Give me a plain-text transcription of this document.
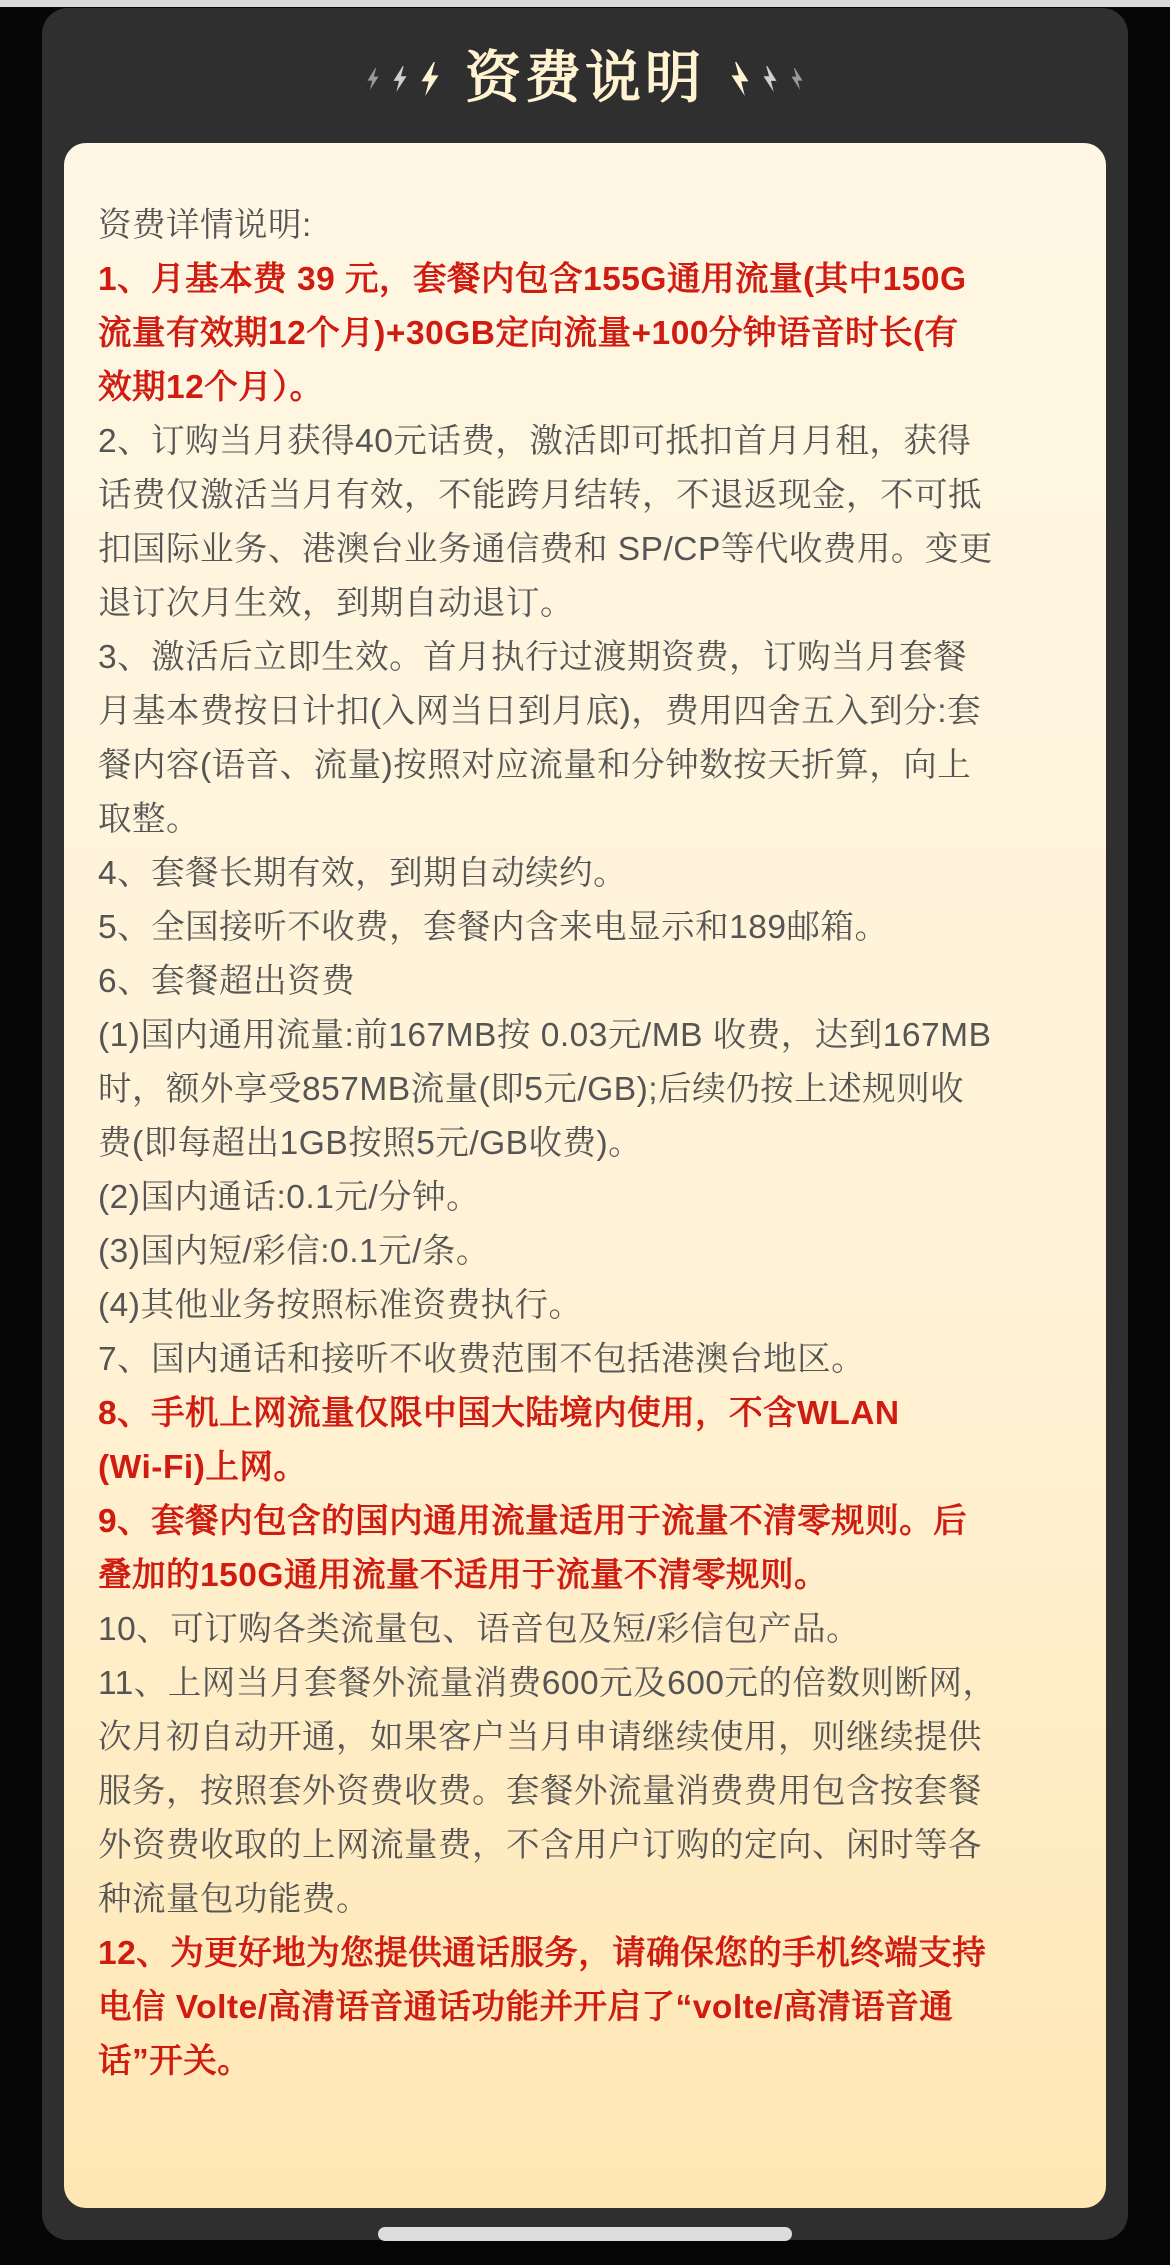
资费说明
资费详情说明:
1、月基本费 39 元，套餐内包含155G通用流量(其中150G
流量有效期12个月)+30GB定向流量+100分钟语音时长(有
效期12个月）。
2、订购当月获得40元话费，激活即可抵扣首月月租，获得
话费仅激活当月有效，不能跨月结转，不退返现金，不可抵
扣国际业务、港澳台业务通信费和 SP/CP等代收费用。变更
退订次月生效，到期自动退订。
3、激活后立即生效。首月执行过渡期资费，订购当月套餐
月基本费按日计扣(入网当日到月底)，费用四舍五入到分:套
餐内容(语音、流量)按照对应流量和分钟数按天折算，向上
取整。
4、套餐长期有效，到期自动续约。
5、全国接听不收费，套餐内含来电显示和189邮箱。
6、套餐超出资费
(1)国内通用流量:前167MB按 0.03元/MB 收费，达到167MB
时，额外享受857MB流量(即5元/GB);后续仍按上述规则收
费(即每超出1GB按照5元/GB收费)。
(2)国内通话:0.1元/分钟。
(3)国内短/彩信:0.1元/条。
(4)其他业务按照标准资费执行。
7、国内通话和接听不收费范围不包括港澳台地区。
8、手机上网流量仅限中国大陆境内使用，不含WLAN
(Wi-Fi)上网。
9、套餐内包含的国内通用流量适用于流量不清零规则。后
叠加的150G通用流量不适用于流量不清零规则。
10、可订购各类流量包、语音包及短/彩信包产品。
11、上网当月套餐外流量消费600元及600元的倍数则断网，
次月初自动开通，如果客户当月申请继续使用，则继续提供
服务，按照套外资费收费。套餐外流量消费费用包含按套餐
外资费收取的上网流量费，不含用户订购的定向、闲时等各
种流量包功能费。
12、为更好地为您提供通话服务，请确保您的手机终端支持
电信 Volte/高清语音通话功能并开启了“volte/高清语音通
话”开关。
